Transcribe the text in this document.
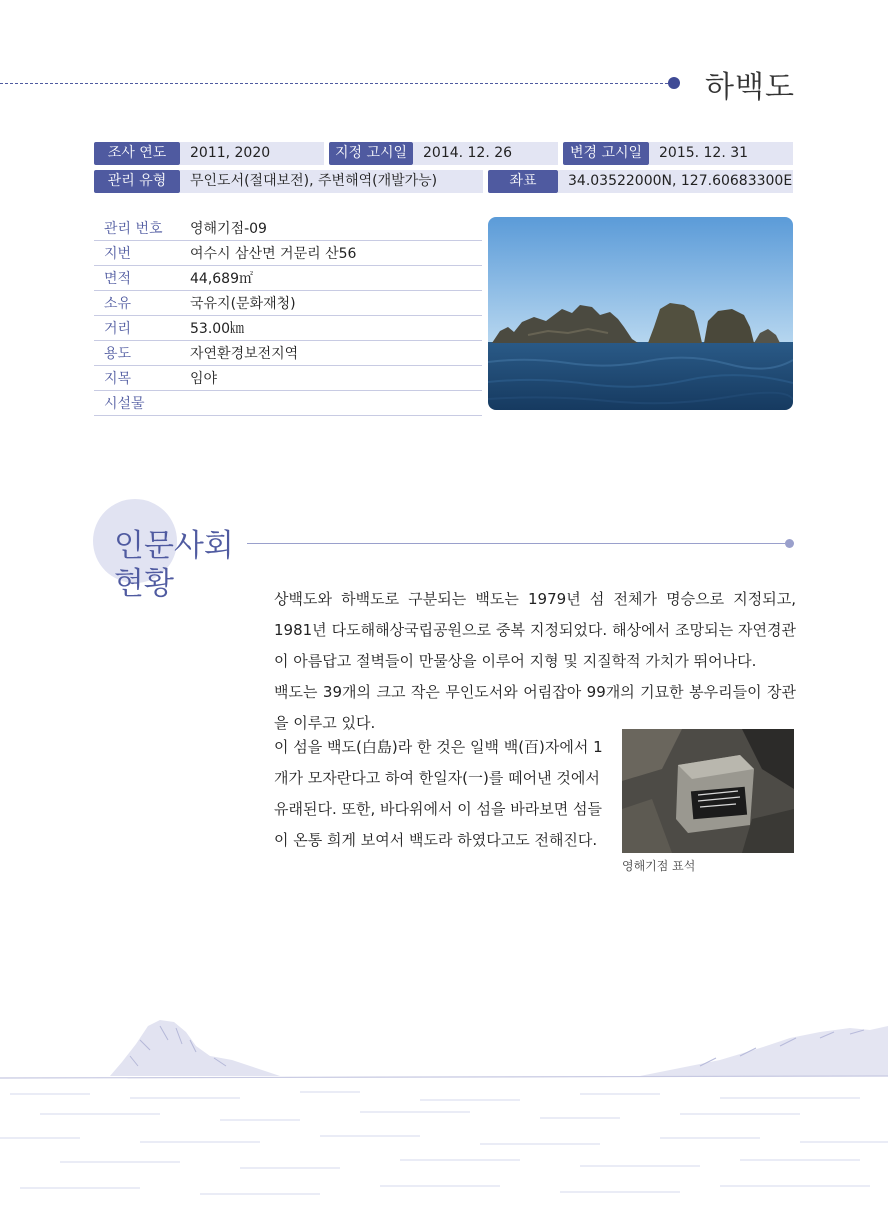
하백도
조사 연도	2011, 2020	지정 고시일	2014. 12. 26	변경 고시일	2015. 12. 31
관리 유형	무인도서(절대보전), 주변해역(개발가능)	좌표	34.03522000N, 127.60683300E
관리 번호 영해기점-09
지번	여수시 삼산면 거문리 산56
면적	44,689㎡
소유	국유지(문화재청)
거리	53.00㎞
용도	자연환경보전지역
지목	임야
시설물
인문사회
현황	상백도와 하백도로 구분되는 백도는 1979년 섬 전체가 명승으로 지정되고, 1981년 다도해해상국립공원으로 중복 지정되었다. 해상에서 조망되는 자연경관이 아름답고 절벽들이 만물상을 이루어 지형 및 지질학적 가치가 뛰어나다.
백도는 39개의 크고 작은 무인도서와 어림잡아 99개의 기묘한 봉우리들이 장관을 이루고 있다.
이 섬을 백도(白島)라 한 것은 일백 백(百)자에서 1개가 모자란다고 하여 한일자(一)를 떼어낸 것에서 유래된다. 또한, 바다위에서 이 섬을 바라보면 섬들이 온통 희게 보여서 백도라 하였다고도 전해진다.
영해기점 표석
